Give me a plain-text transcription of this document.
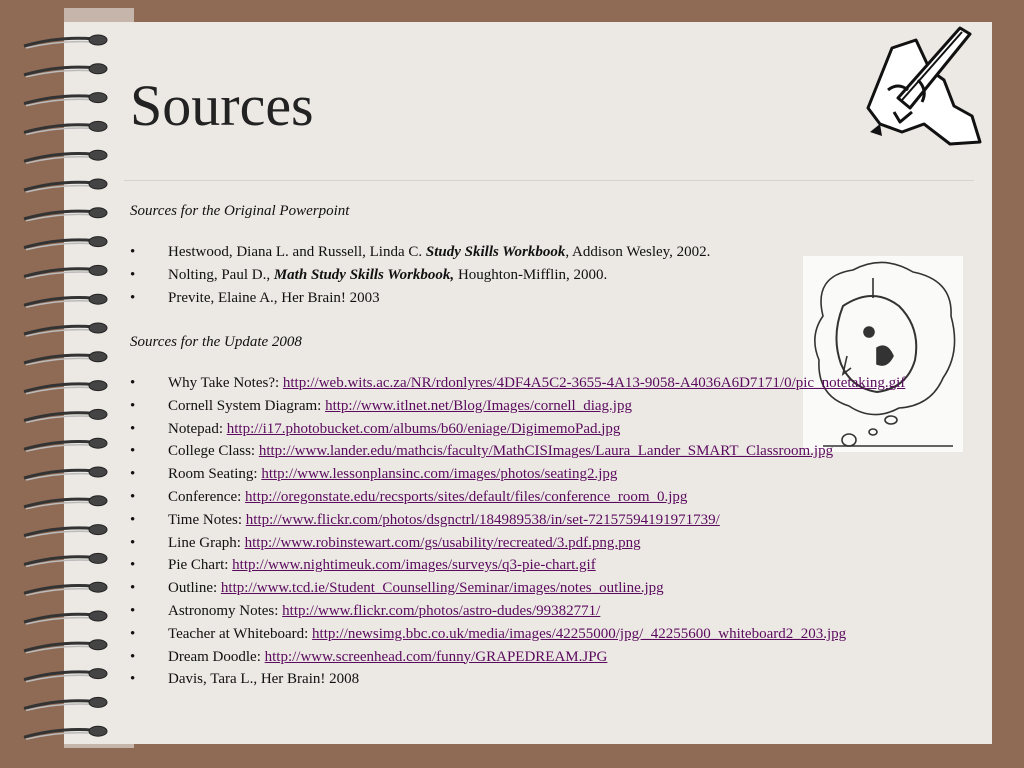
Sources
Sources for the Original Powerpoint
• Hestwood, Diana L. and Russell, Linda C. Study Skills Workbook, Addison Wesley, 2002.
• Nolting, Paul D., Math Study Skills Workbook, Houghton-Mifflin, 2000.
• Previte, Elaine A., Her Brain! 2003
Sources for the Update 2008
• Why Take Notes?: http://web.wits.ac.za/NR/rdonlyres/4DF4A5C2-3655-4A13-9058-A4036A6D7171/0/pic_notetaking.gif
• Cornell System Diagram: http://www.itlnet.net/Blog/Images/cornell_diag.jpg
• Notepad: http://i17.photobucket.com/albums/b60/eniage/DigimemoPad.jpg
• College Class: http://www.lander.edu/mathcis/faculty/MathCISImages/Laura_Lander_SMART_Classroom.jpg
• Room Seating: http://www.lessonplansinc.com/images/photos/seating2.jpg
• Conference: http://oregonstate.edu/recsports/sites/default/files/conference_room_0.jpg
• Time Notes: http://www.flickr.com/photos/dsgnctrl/184989538/in/set-72157594191971739/
• Line Graph: http://www.robinstewart.com/gs/usability/recreated/3.pdf.png.png
• Pie Chart: http://www.nightimeuk.com/images/surveys/q3-pie-chart.gif
• Outline: http://www.tcd.ie/Student_Counselling/Seminar/images/notes_outline.jpg
• Astronomy Notes: http://www.flickr.com/photos/astro-dudes/99382771/
• Teacher at Whiteboard: http://newsimg.bbc.co.uk/media/images/42255000/jpg/_42255600_whiteboard2_203.jpg
• Dream Doodle: http://www.screenhead.com/funny/GRAPEDREAM.JPG
• Davis, Tara L., Her Brain! 2008
